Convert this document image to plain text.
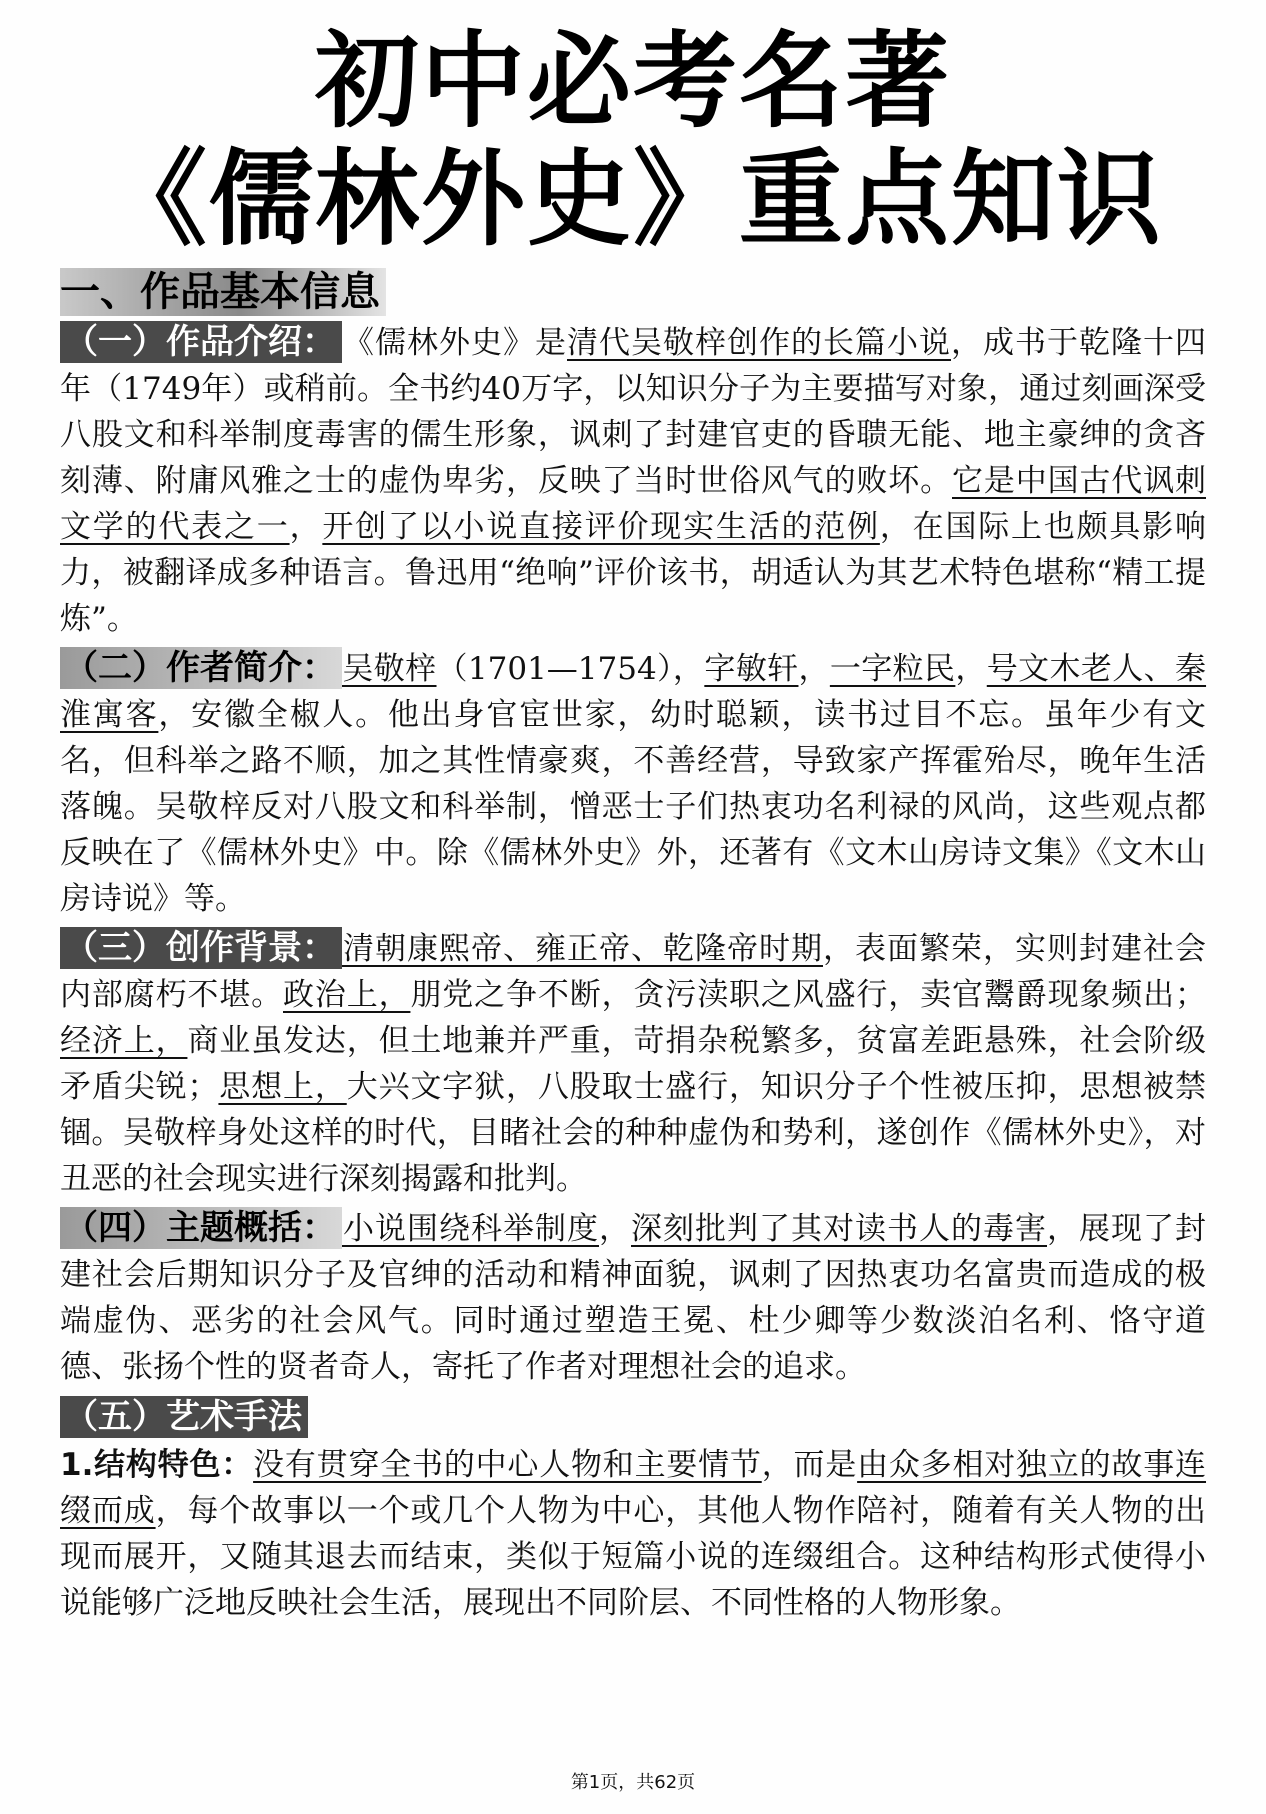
初中必考名著
《儒林外史》重点知识
一、作品基本信息

（一）作品介绍： 《儒林外史》是清代吴敬梓创作的长篇小说，成书于乾隆十四年（1749年）或稍前。全书约40万字，以知识分子为主要描写对象，通过刻画深受八股文和科举制度毒害的儒生形象，讽刺了封建官吏的昏聩无能、地主豪绅的贪吝刻薄、附庸风雅之士的虚伪卑劣，反映了当时世俗风气的败坏。它是中国古代讽刺文学的代表之一，开创了以小说直接评价现实生活的范例，在国际上也颇具影响力，被翻译成多种语言。鲁迅用“绝响”评价该书，胡适认为其艺术特色堪称“精工提炼”。

（二）作者简介： 吴敬梓（1701—1754），字敏轩，一字粒民，号文木老人、秦淮寓客，安徽全椒人。他出身官宦世家，幼时聪颖，读书过目不忘。虽年少有文名，但科举之路不顺，加之其性情豪爽，不善经营，导致家产挥霍殆尽，晚年生活落魄。吴敬梓反对八股文和科举制，憎恶士子们热衷功名利禄的风尚，这些观点都反映在了《儒林外史》中。除《儒林外史》外，还著有《文木山房诗文集》《文木山房诗说》等。

（三）创作背景： 清朝康熙帝、雍正帝、乾隆帝时期，表面繁荣，实则封建社会内部腐朽不堪。政治上，朋党之争不断，贪污渎职之风盛行，卖官鬻爵现象频出；经济上，商业虽发达，但土地兼并严重，苛捐杂税繁多，贫富差距悬殊，社会阶级矛盾尖锐；思想上，大兴文字狱，八股取士盛行，知识分子个性被压抑，思想被禁锢。吴敬梓身处这样的时代，目睹社会的种种虚伪和势利，遂创作《儒林外史》，对丑恶的社会现实进行深刻揭露和批判。

（四）主题概括： 小说围绕科举制度，深刻批判了其对读书人的毒害，展现了封建社会后期知识分子及官绅的活动和精神面貌，讽刺了因热衷功名富贵而造成的极端虚伪、恶劣的社会风气。同时通过塑造王冕、杜少卿等少数淡泊名利、恪守道德、张扬个性的贤者奇人，寄托了作者对理想社会的追求。

（五）艺术手法

1.结构特色：没有贯穿全书的中心人物和主要情节，而是由众多相对独立的故事连缀而成，每个故事以一个或几个人物为中心，其他人物作陪衬，随着有关人物的出现而展开，又随其退去而结束，类似于短篇小说的连缀组合。这种结构形式使得小说能够广泛地反映社会生活，展现出不同阶层、不同性格的人物形象。

第1页，共62页
